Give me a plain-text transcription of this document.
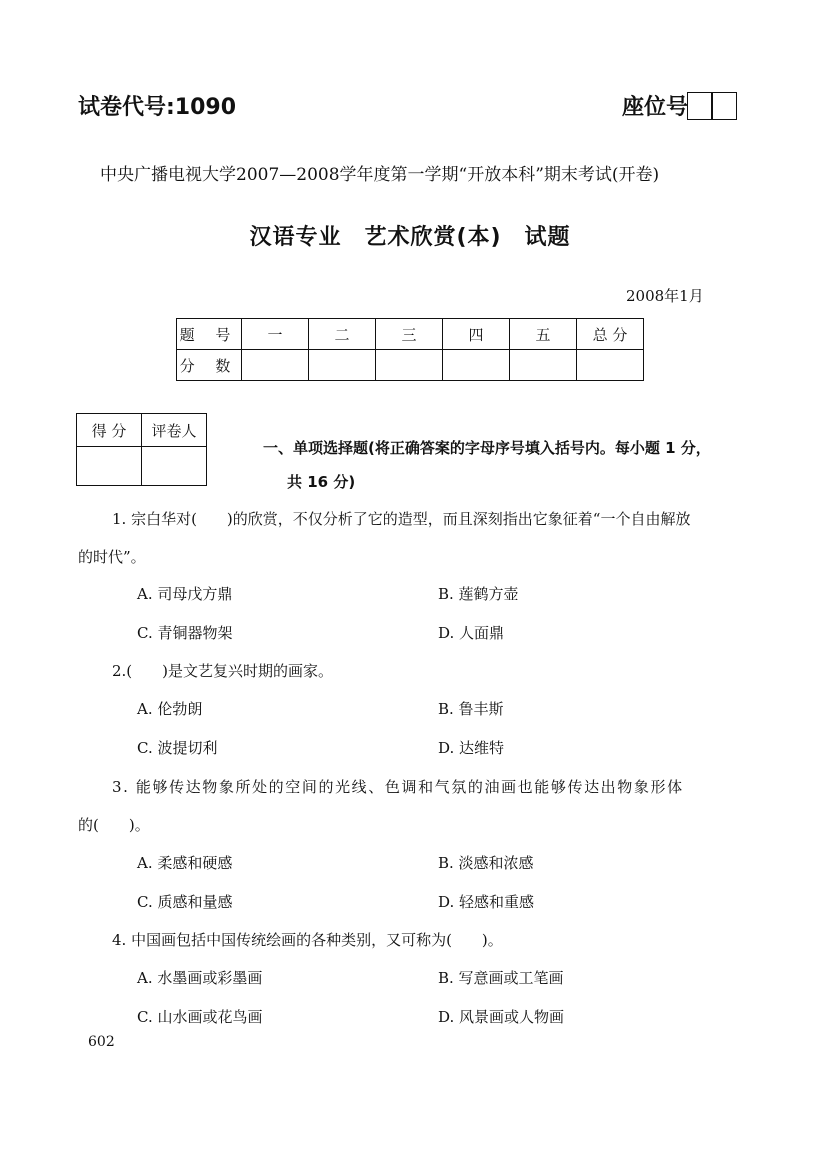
试卷代号:1090	座位号
中央广播电视大学2007—2008学年度第一学期“开放本科”期末考试(开卷)
汉语专业　艺术欣赏(本)　试题
2008年1月
题 号	一	二	三	四	五	总 分
分 数						
得 分	评卷人

一、单项选择题(将正确答案的字母序号填入括号内。每小题 1 分，
共 16 分)
1. 宗白华对(　　)的欣赏，不仅分析了它的造型，而且深刻指出它象征着“一个自由解放
的时代”。
A. 司母戊方鼎	B. 莲鹤方壶
C. 青铜器物架	D. 人面鼎
2.(　　)是文艺复兴时期的画家。
A. 伦勃朗	B. 鲁丰斯
C. 波提切利	D. 达维特
3. 能够传达物象所处的空间的光线、色调和气氛的油画也能够传达出物象形体
的(　　)。
A. 柔感和硬感	B. 淡感和浓感
C. 质感和量感	D. 轻感和重感
4. 中国画包括中国传统绘画的各种类别，又可称为(　　)。
A. 水墨画或彩墨画	B. 写意画或工笔画
C. 山水画或花鸟画	D. 风景画或人物画
602
